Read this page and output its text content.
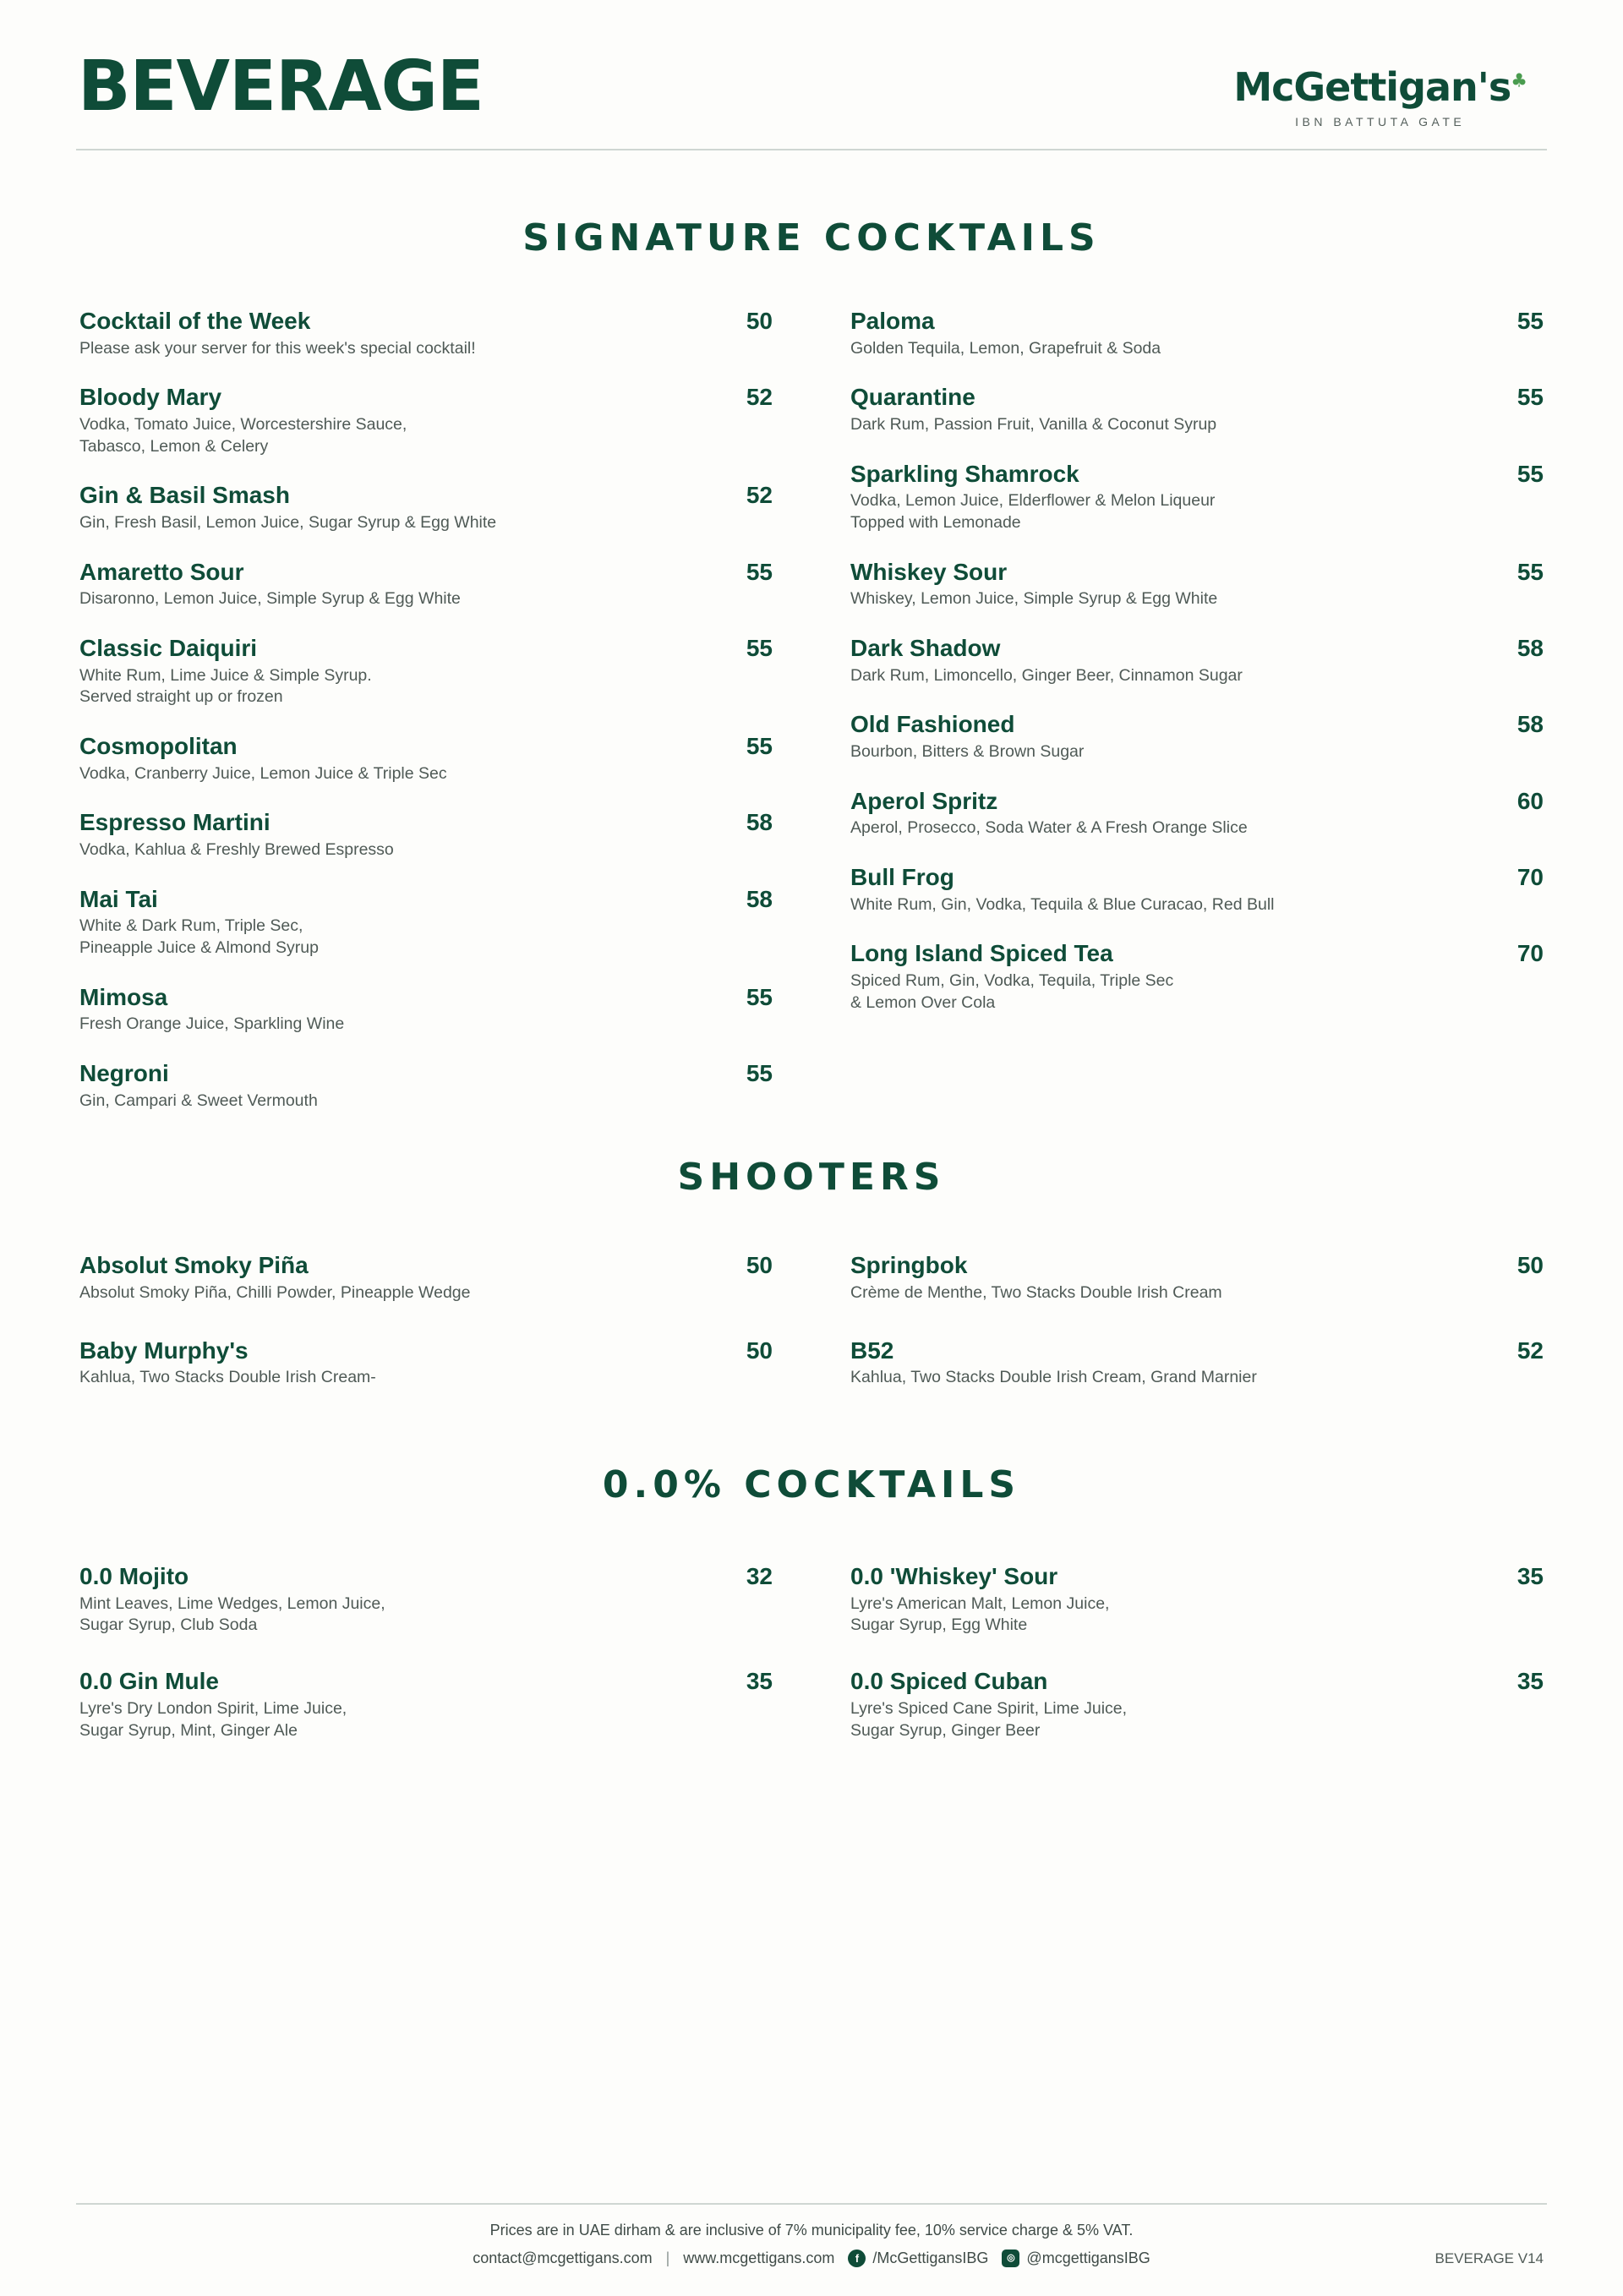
BEVERAGE	McGettigan's♣
IBN BATTUTA GATE
SIGNATURE COCKTAILS
Cocktail of the Week	50
Please ask your server for this week's special cocktail!
Bloody Mary	52
Vodka, Tomato Juice, Worcestershire Sauce,
Tabasco, Lemon & Celery
Gin & Basil Smash	52
Gin, Fresh Basil, Lemon Juice, Sugar Syrup & Egg White
Amaretto Sour	55
Disaronno, Lemon Juice, Simple Syrup & Egg White
Classic Daiquiri	55
White Rum, Lime Juice & Simple Syrup.
Served straight up or frozen
Cosmopolitan	55
Vodka, Cranberry Juice, Lemon Juice & Triple Sec
Espresso Martini	58
Vodka, Kahlua & Freshly Brewed Espresso
Mai Tai	58
White & Dark Rum, Triple Sec,
Pineapple Juice & Almond Syrup
Mimosa	55
Fresh Orange Juice, Sparkling Wine
Negroni	55
Gin, Campari & Sweet Vermouth
Paloma	55
Golden Tequila, Lemon, Grapefruit & Soda
Quarantine	55
Dark Rum, Passion Fruit, Vanilla & Coconut Syrup
Sparkling Shamrock	55
Vodka, Lemon Juice, Elderflower & Melon Liqueur
Topped with Lemonade
Whiskey Sour	55
Whiskey, Lemon Juice, Simple Syrup & Egg White
Dark Shadow	58
Dark Rum, Limoncello, Ginger Beer, Cinnamon Sugar
Old Fashioned	58
Bourbon, Bitters & Brown Sugar
Aperol Spritz	60
Aperol, Prosecco, Soda Water & A Fresh Orange Slice
Bull Frog	70
White Rum, Gin, Vodka, Tequila & Blue Curacao, Red Bull
Long Island Spiced Tea	70
Spiced Rum, Gin, Vodka, Tequila, Triple Sec
& Lemon Over Cola
SHOOTERS
Absolut Smoky Piña	50
Absolut Smoky Piña, Chilli Powder, Pineapple Wedge
Baby Murphy's	50
Kahlua, Two Stacks Double Irish Cream-
Springbok	50
Crème de Menthe, Two Stacks Double Irish Cream
B52	52
Kahlua, Two Stacks Double Irish Cream, Grand Marnier
0.0% COCKTAILS
0.0 Mojito	32
Mint Leaves, Lime Wedges, Lemon Juice,
Sugar Syrup, Club Soda
0.0 Gin Mule	35
Lyre's Dry London Spirit, Lime Juice,
Sugar Syrup, Mint, Ginger Ale
0.0 'Whiskey' Sour	35
Lyre's American Malt, Lemon Juice,
Sugar Syrup, Egg White
0.0 Spiced Cuban	35
Lyre's Spiced Cane Spirit, Lime Juice,
Sugar Syrup, Ginger Beer
Prices are in UAE dirham & are inclusive of 7% municipality fee, 10% service charge & 5% VAT.
contact@mcgettigans.com | www.mcgettigans.com	f /McGettigansIBG	◎ @mcgettigansIBG	BEVERAGE V14
